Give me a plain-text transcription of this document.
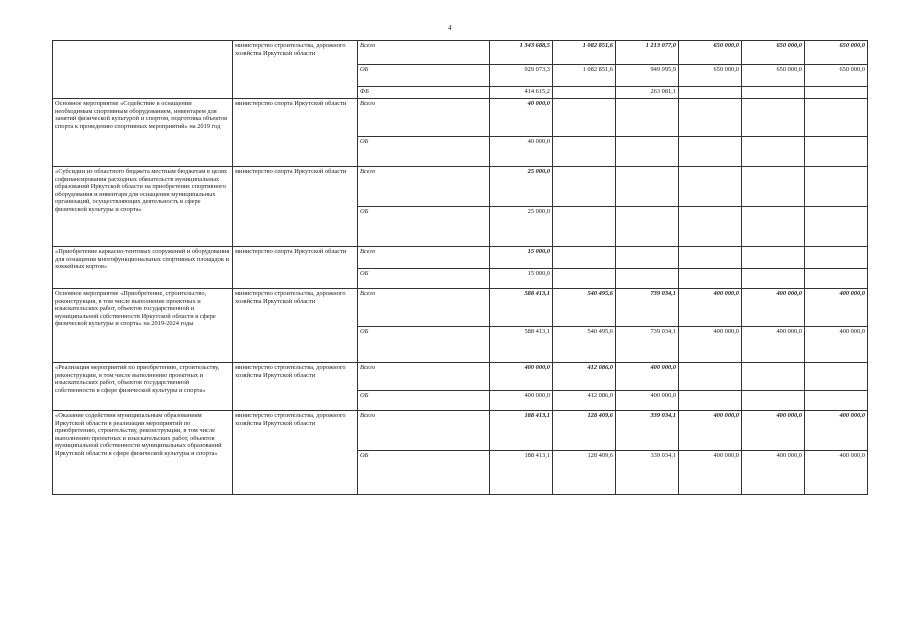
4
	министерство строительства, дорожного хозяйства Иркутской области	Всего	1 343 688,5	1 082 851,6	1 213 077,0	650 000,0	650 000,0	650 000,0
		ОБ	929 073,3	1 082 851,6	949 995,9	650 000,0	650 000,0	650 000,0
		ФБ	414 615,2		263 081,1			
Основное мероприятие «Содействие в оснащении необходимым спортивным оборудованием, инвентарем для занятий физической культурой и спортом, подготовка объектов спорта к проведению спортивных мероприятий» на 2019 год	министерство спорта Иркутской области	Всего	40 000,0					
		ОБ	40 000,0					
«Субсидии из областного бюджета местным бюджетам в целях софинансирования расходных обязательств муниципальных образований Иркутской области на приобретение спортивного оборудования и инвентаря для оснащения муниципальных организаций, осуществляющих деятельность в сфере физической культуры и спорта»	министерство спорта Иркутской области	Всего	25 000,0					
		ОБ	25 000,0					
«Приобретение каркасно-тентовых сооружений и оборудования для оснащения многофункциональных спортивных площадок и хоккейных кортов»	министерство спорта Иркутской области	Всего	15 000,0					
		ОБ	15 000,0					
Основное мероприятие «Приобретение, строительство, реконструкция, в том числе выполнение проектных и изыскательских работ, объектов государственной и муниципальной собственности Иркутской области в сфере физической культуры и спорта» на 2019-2024 годы	министерство строительства, дорожного хозяйства Иркутской области	Всего	588 413,1	540 495,6	739 034,1	400 000,0	400 000,0	400 000,0
		ОБ	588 413,1	540 495,6	739 034,1	400 000,0	400 000,0	400 000,0
«Реализация мероприятий по приобретению, строительству, реконструкции, в том числе выполнению проектных и изыскательских работ, объектов государственной собственности в сфере физической культуры и спорта»	министерство строительства, дорожного хозяйства Иркутской области	Всего	400 000,0	412 086,0	400 000,0			
		ОБ	400 000,0	412 086,0	400 000,0			
«Оказание содействия муниципальным образованиям Иркутской области в реализации мероприятий по приобретению, строительству, реконструкции, в том числе выполнению проектных и изыскательских работ, объектов муниципальной собственности муниципальных образований Иркутской области в сфере физической культуры и спорта»	министерство строительства, дорожного хозяйства Иркутской области	Всего	188 413,1	128 409,6	339 034,1	400 000,0	400 000,0	400 000,0
		ОБ	188 413,1	128 409,6	339 034,1	400 000,0	400 000,0	400 000,0
